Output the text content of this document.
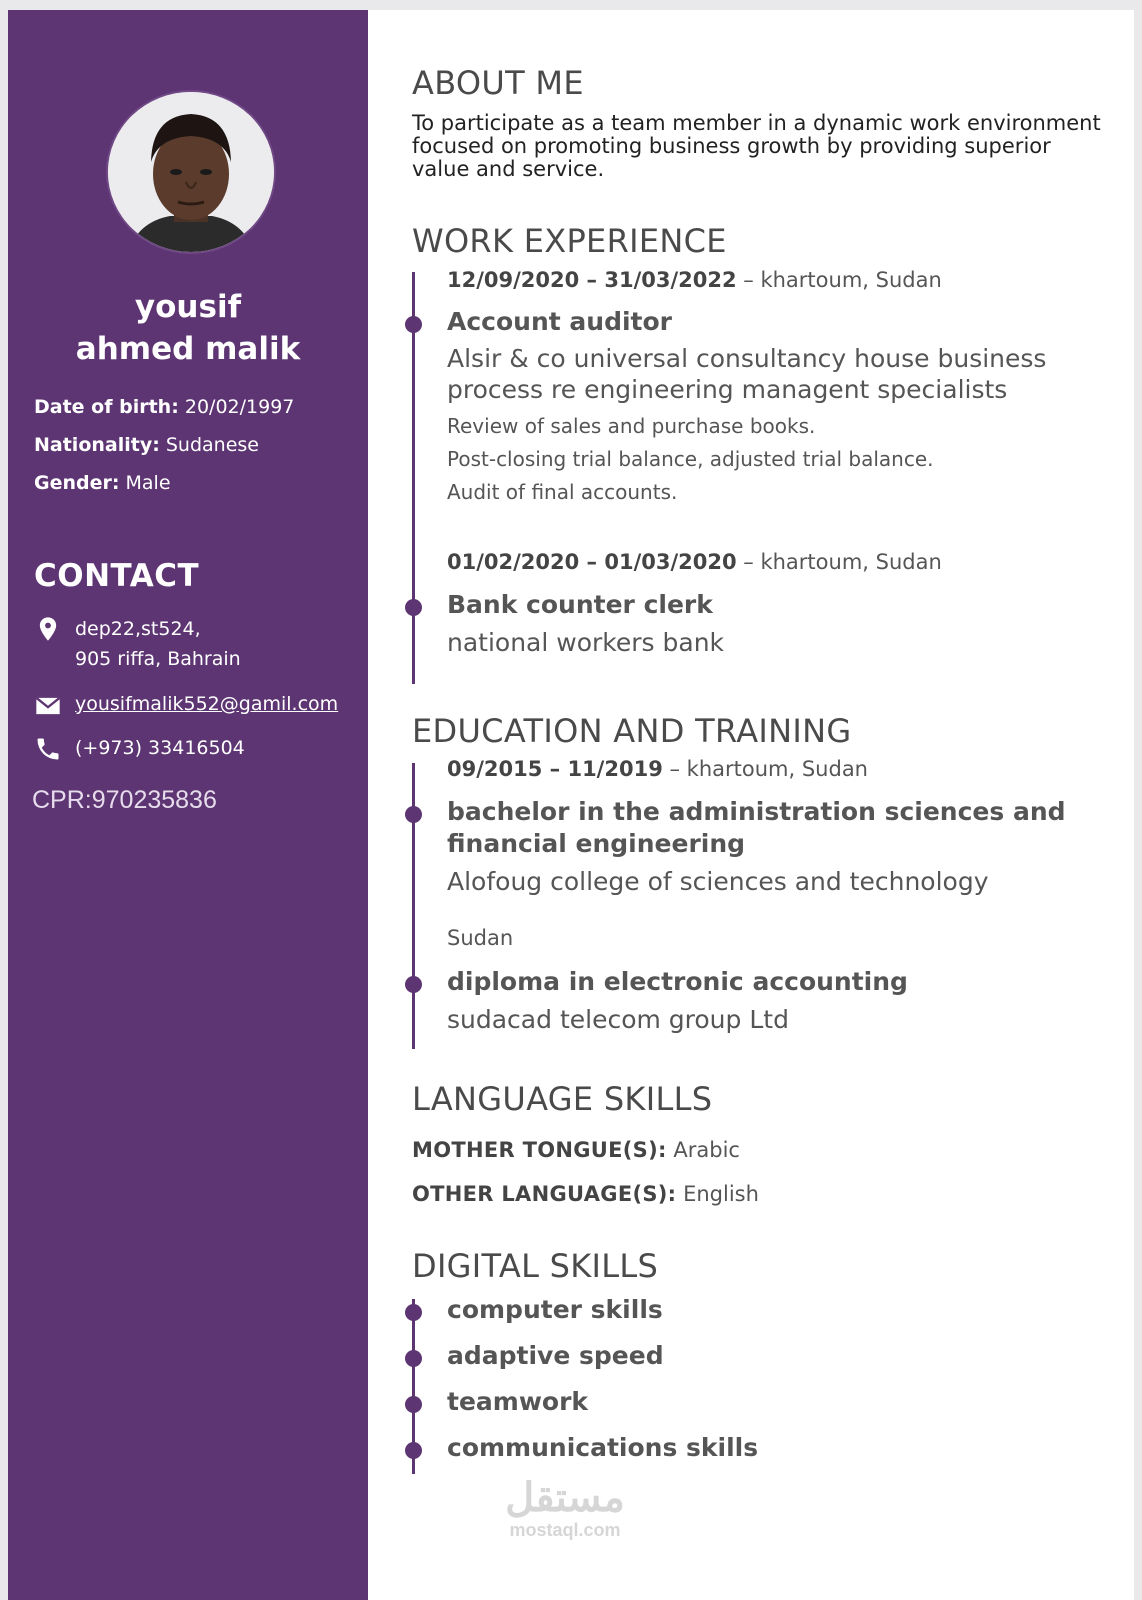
yousif
ahmed malik
Date of birth: 20/02/1997
Nationality: Sudanese
Gender: Male
CONTACT
dep22,st524,
905 riffa, Bahrain
yousifmalik552@gamil.com
(+973) 33416504
CPR:970235836
ABOUT ME
To participate as a team member in a dynamic work environment focused on promoting business growth by providing superior value and service.
WORK EXPERIENCE
12/09/2020 – 31/03/2022 – khartoum, Sudan
Account auditor
Alsir & co universal consultancy house business process re engineering managent specialists
Review of sales and purchase books.
Post-closing trial balance, adjusted trial balance.
Audit of final accounts.
01/02/2020 – 01/03/2020 – khartoum, Sudan
Bank counter clerk
national workers bank
EDUCATION AND TRAINING
09/2015 – 11/2019 – khartoum, Sudan
bachelor in the administration sciences and
financial engineering
Alofoug college of sciences and technology
Sudan
diploma in electronic accounting
sudacad telecom group Ltd
LANGUAGE SKILLS
MOTHER TONGUE(S): Arabic
OTHER LANGUAGE(S): English
DIGITAL SKILLS
computer skills
adaptive speed
teamwork
communications skills
مستقل
mostaql.com
